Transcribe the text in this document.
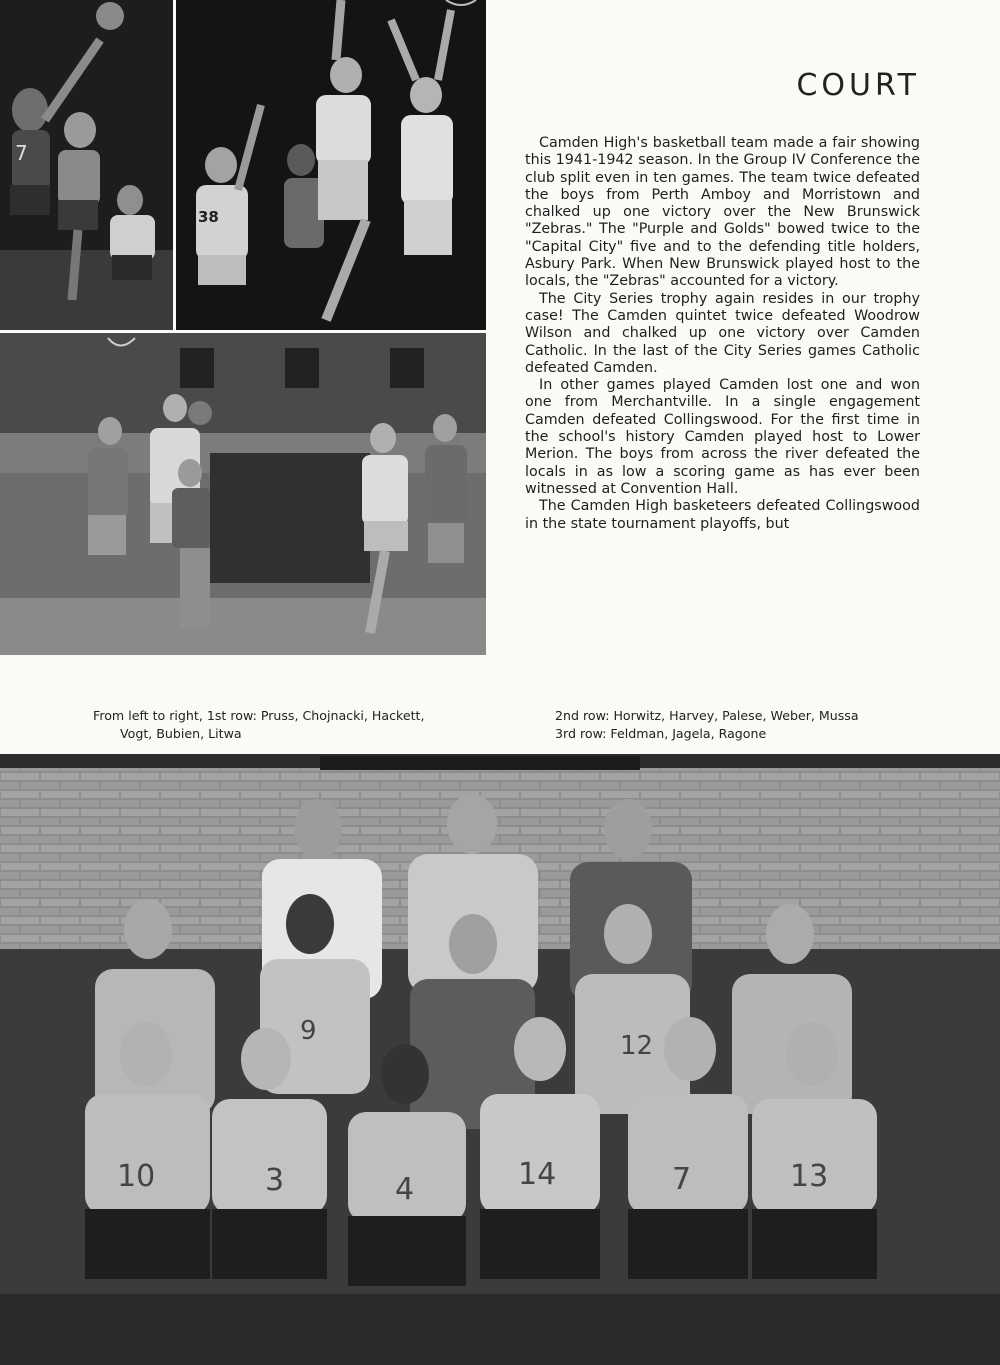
7
38
COURT

Camden High's basketball team made a fair showing this 1941-1942 season. In the Group IV Conference the club split even in ten games. The team twice defeated the boys from Perth Amboy and Morristown and chalked up one victory over the New Brunswick "Zebras." The "Purple and Golds" bowed twice to the "Capital City" five and to the defending title holders, Asbury Park. When New Brunswick played host to the locals, the "Zebras" accounted for a victory.

The City Series trophy again resides in our trophy case! The Camden quintet twice defeated Woodrow Wilson and chalked up one victory over Camden Catholic. In the last of the City Series games Catholic defeated Camden.

In other games played Camden lost one and won one from Merchantville. In a single engagement Camden defeated Collingswood. For the first time in the school's history Camden played host to Lower Merion. The boys from across the river defeated the locals in as low a scoring game as has ever been witnessed at Convention Hall.

The Camden High basketeers defeated Collingswood in the state tournament playoffs, but

From left to right, 1st row: Pruss, Chojnacki, Hackett,
Vogt, Bubien, Litwa
2nd row: Horwitz, Harvey, Palese, Weber, Mussa
3rd row: Feldman, Jagela, Ragone
9	12
10	3	4	14	7	13
